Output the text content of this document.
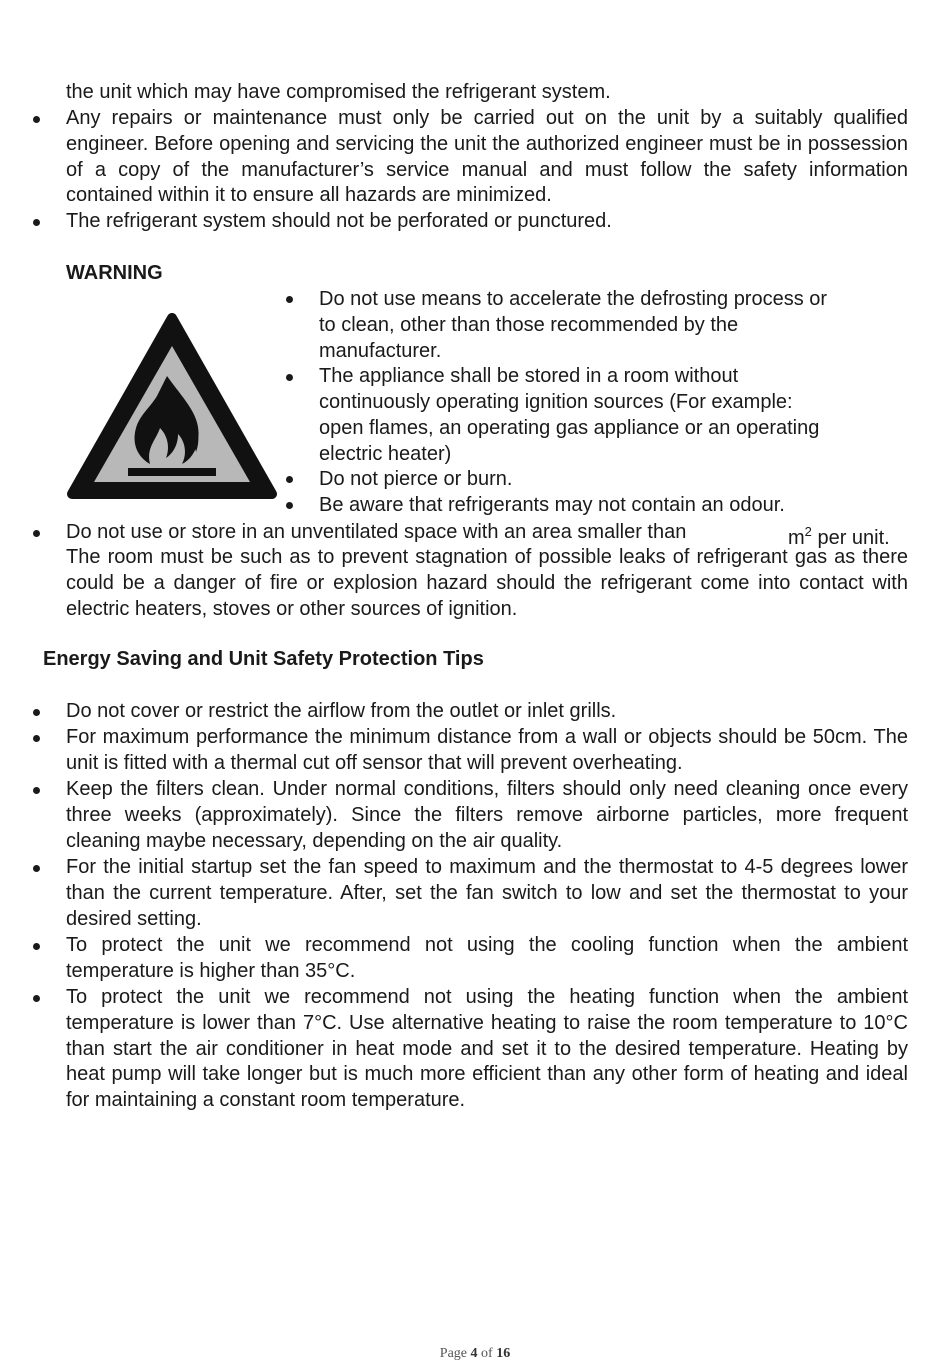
the unit which may have compromised the refrigerant system.
Any repairs or maintenance must only be carried out on the unit by a suitably qualified engineer. Before opening and servicing the unit the authorized engineer must be in possession of a copy of the manufacturer’s service manual and must follow the safety information contained within it to ensure all hazards are minimized.
The refrigerant system should not be perforated or punctured.
WARNING
Do not use means to accelerate the defrosting process or
to clean, other than those recommended by the
manufacturer.
The appliance shall be stored in a room without
continuously operating ignition sources (For example:
open flames, an operating gas appliance or an operating
electric heater)
Do not pierce or burn.
Be aware that refrigerants may not contain an odour.
Do not use or store in an unventilated space with an area smaller than	$m^2$ per unit.
The room must be such as to prevent stagnation of possible leaks of refrigerant gas as there could be a danger of fire or explosion hazard should the refrigerant come into contact with electric heaters, stoves or other sources of ignition.
Energy Saving and Unit Safety Protection Tips
Do not cover or restrict the airflow from the outlet or inlet grills.
For maximum performance the minimum distance from a wall or objects should be 50cm. The unit is fitted with a thermal cut off sensor that will prevent overheating.
Keep the filters clean. Under normal conditions, filters should only need cleaning once every three weeks (approximately). Since the filters remove airborne particles, more frequent cleaning maybe necessary, depending on the air quality.
For the initial startup set the fan speed to maximum and the thermostat to 4-5 degrees lower than the current temperature. After, set the fan switch to low and set the thermostat to your desired setting.
To protect the unit we recommend not using the cooling function when the ambient temperature is higher than 35°C.
To protect the unit we recommend not using the heating function when the ambient temperature is lower than 7°C. Use alternative heating to raise the room temperature to 10°C than start the air conditioner in heat mode and set it to the desired temperature. Heating by heat pump will take longer but is much more efficient than any other form of heating and ideal for maintaining a constant room temperature.
Page 4 of 16
